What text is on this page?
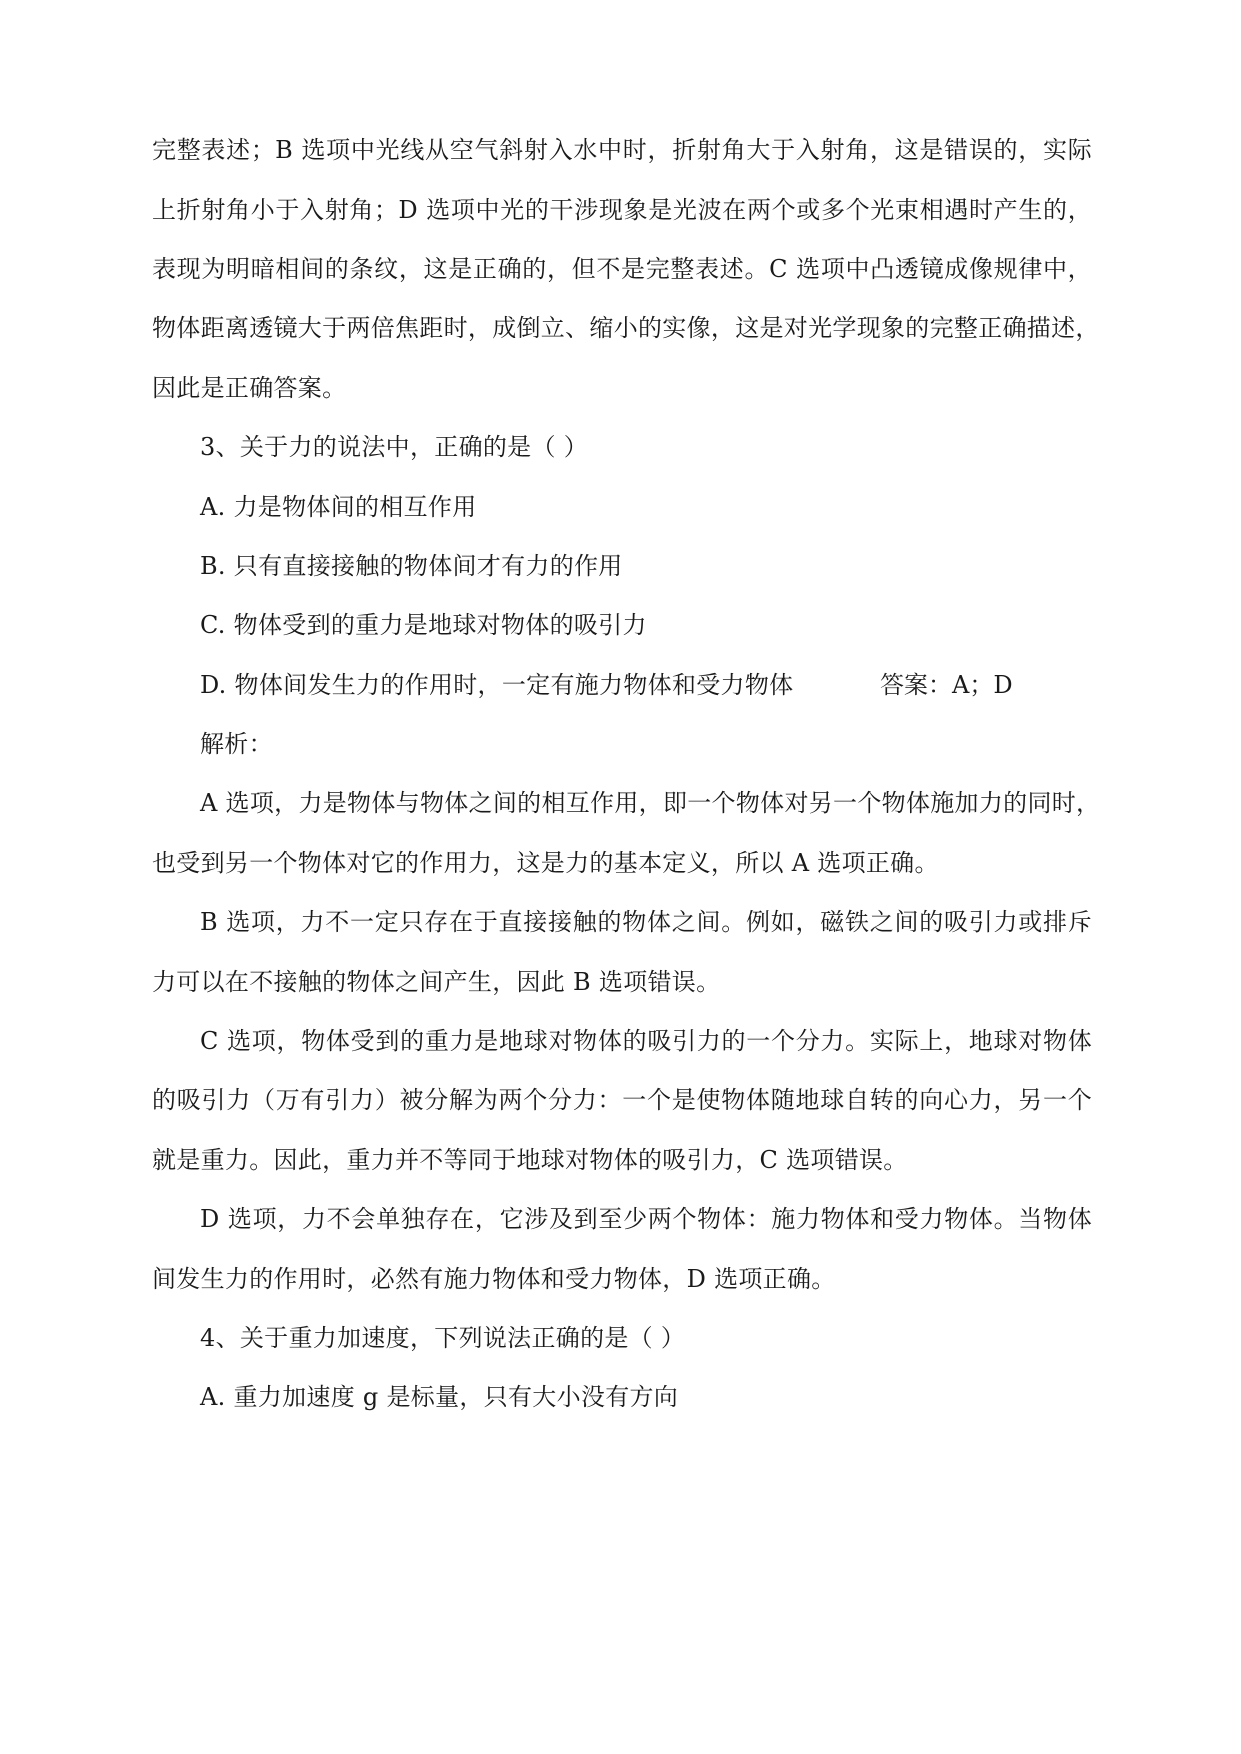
完整表述；B 选项中光线从空气斜射入水中时，折射角大于入射角，这是错误的，实际
上折射角小于入射角；D 选项中光的干涉现象是光波在两个或多个光束相遇时产生的，
表现为明暗相间的条纹，这是正确的，但不是完整表述。C 选项中凸透镜成像规律中，
物体距离透镜大于两倍焦距时，成倒立、缩小的实像，这是对光学现象的完整正确描述，
因此是正确答案。
3、关于力的说法中，正确的是（ ）
A. 力是物体间的相互作用
B. 只有直接接触的物体间才有力的作用
C. 物体受到的重力是地球对物体的吸引力
D. 物体间发生力的作用时，一定有施力物体和受力物体	答案：A；D
解析：
A 选项，力是物体与物体之间的相互作用，即一个物体对另一个物体施加力的同时，
也受到另一个物体对它的作用力，这是力的基本定义，所以 A 选项正确。
B 选项，力不一定只存在于直接接触的物体之间。例如，磁铁之间的吸引力或排斥
力可以在不接触的物体之间产生，因此 B 选项错误。
C 选项，物体受到的重力是地球对物体的吸引力的一个分力。实际上，地球对物体
的吸引力（万有引力）被分解为两个分力：一个是使物体随地球自转的向心力，另一个
就是重力。因此，重力并不等同于地球对物体的吸引力，C 选项错误。
D 选项，力不会单独存在，它涉及到至少两个物体：施力物体和受力物体。当物体
间发生力的作用时，必然有施力物体和受力物体，D 选项正确。
4、关于重力加速度，下列说法正确的是（ ）
A. 重力加速度 g 是标量，只有大小没有方向
